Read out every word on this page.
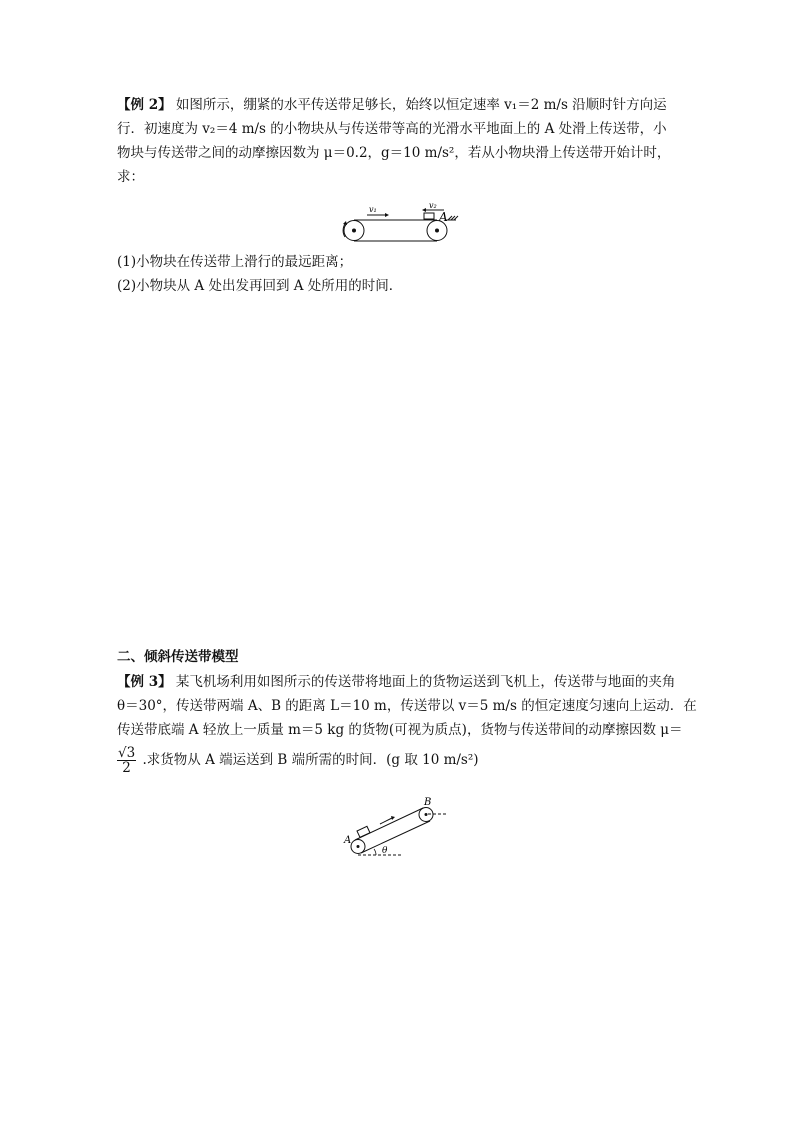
【例 2】 如图所示，绷紧的水平传送带足够长，始终以恒定速率 v₁＝2 m/s 沿顺时针方向运
行．初速度为 v₂＝4 m/s 的小物块从与传送带等高的光滑水平地面上的 A 处滑上传送带，小
物块与传送带之间的动摩擦因数为 μ＝0.2，g＝10 m/s²，若从小物块滑上传送带开始计时，
求：
v₁	v₂
A
(1)小物块在传送带上滑行的最远距离；
(2)小物块从 A 处出发再回到 A 处所用的时间．
二、倾斜传送带模型
【例 3】 某飞机场利用如图所示的传送带将地面上的货物运送到飞机上，传送带与地面的夹角
θ＝30°，传送带两端 A、B 的距离 L＝10 m，传送带以 v＝5 m/s 的恒定速度匀速向上运动．在
传送带底端 A 轻放上一质量 m＝5 kg 的货物(可视为质点)，货物与传送带间的动摩擦因数 μ＝
$\frac{√3}{2}$ .求货物从 A 端运送到 B 端所需的时间．(g 取 10 m/s²)
A
B
θ
